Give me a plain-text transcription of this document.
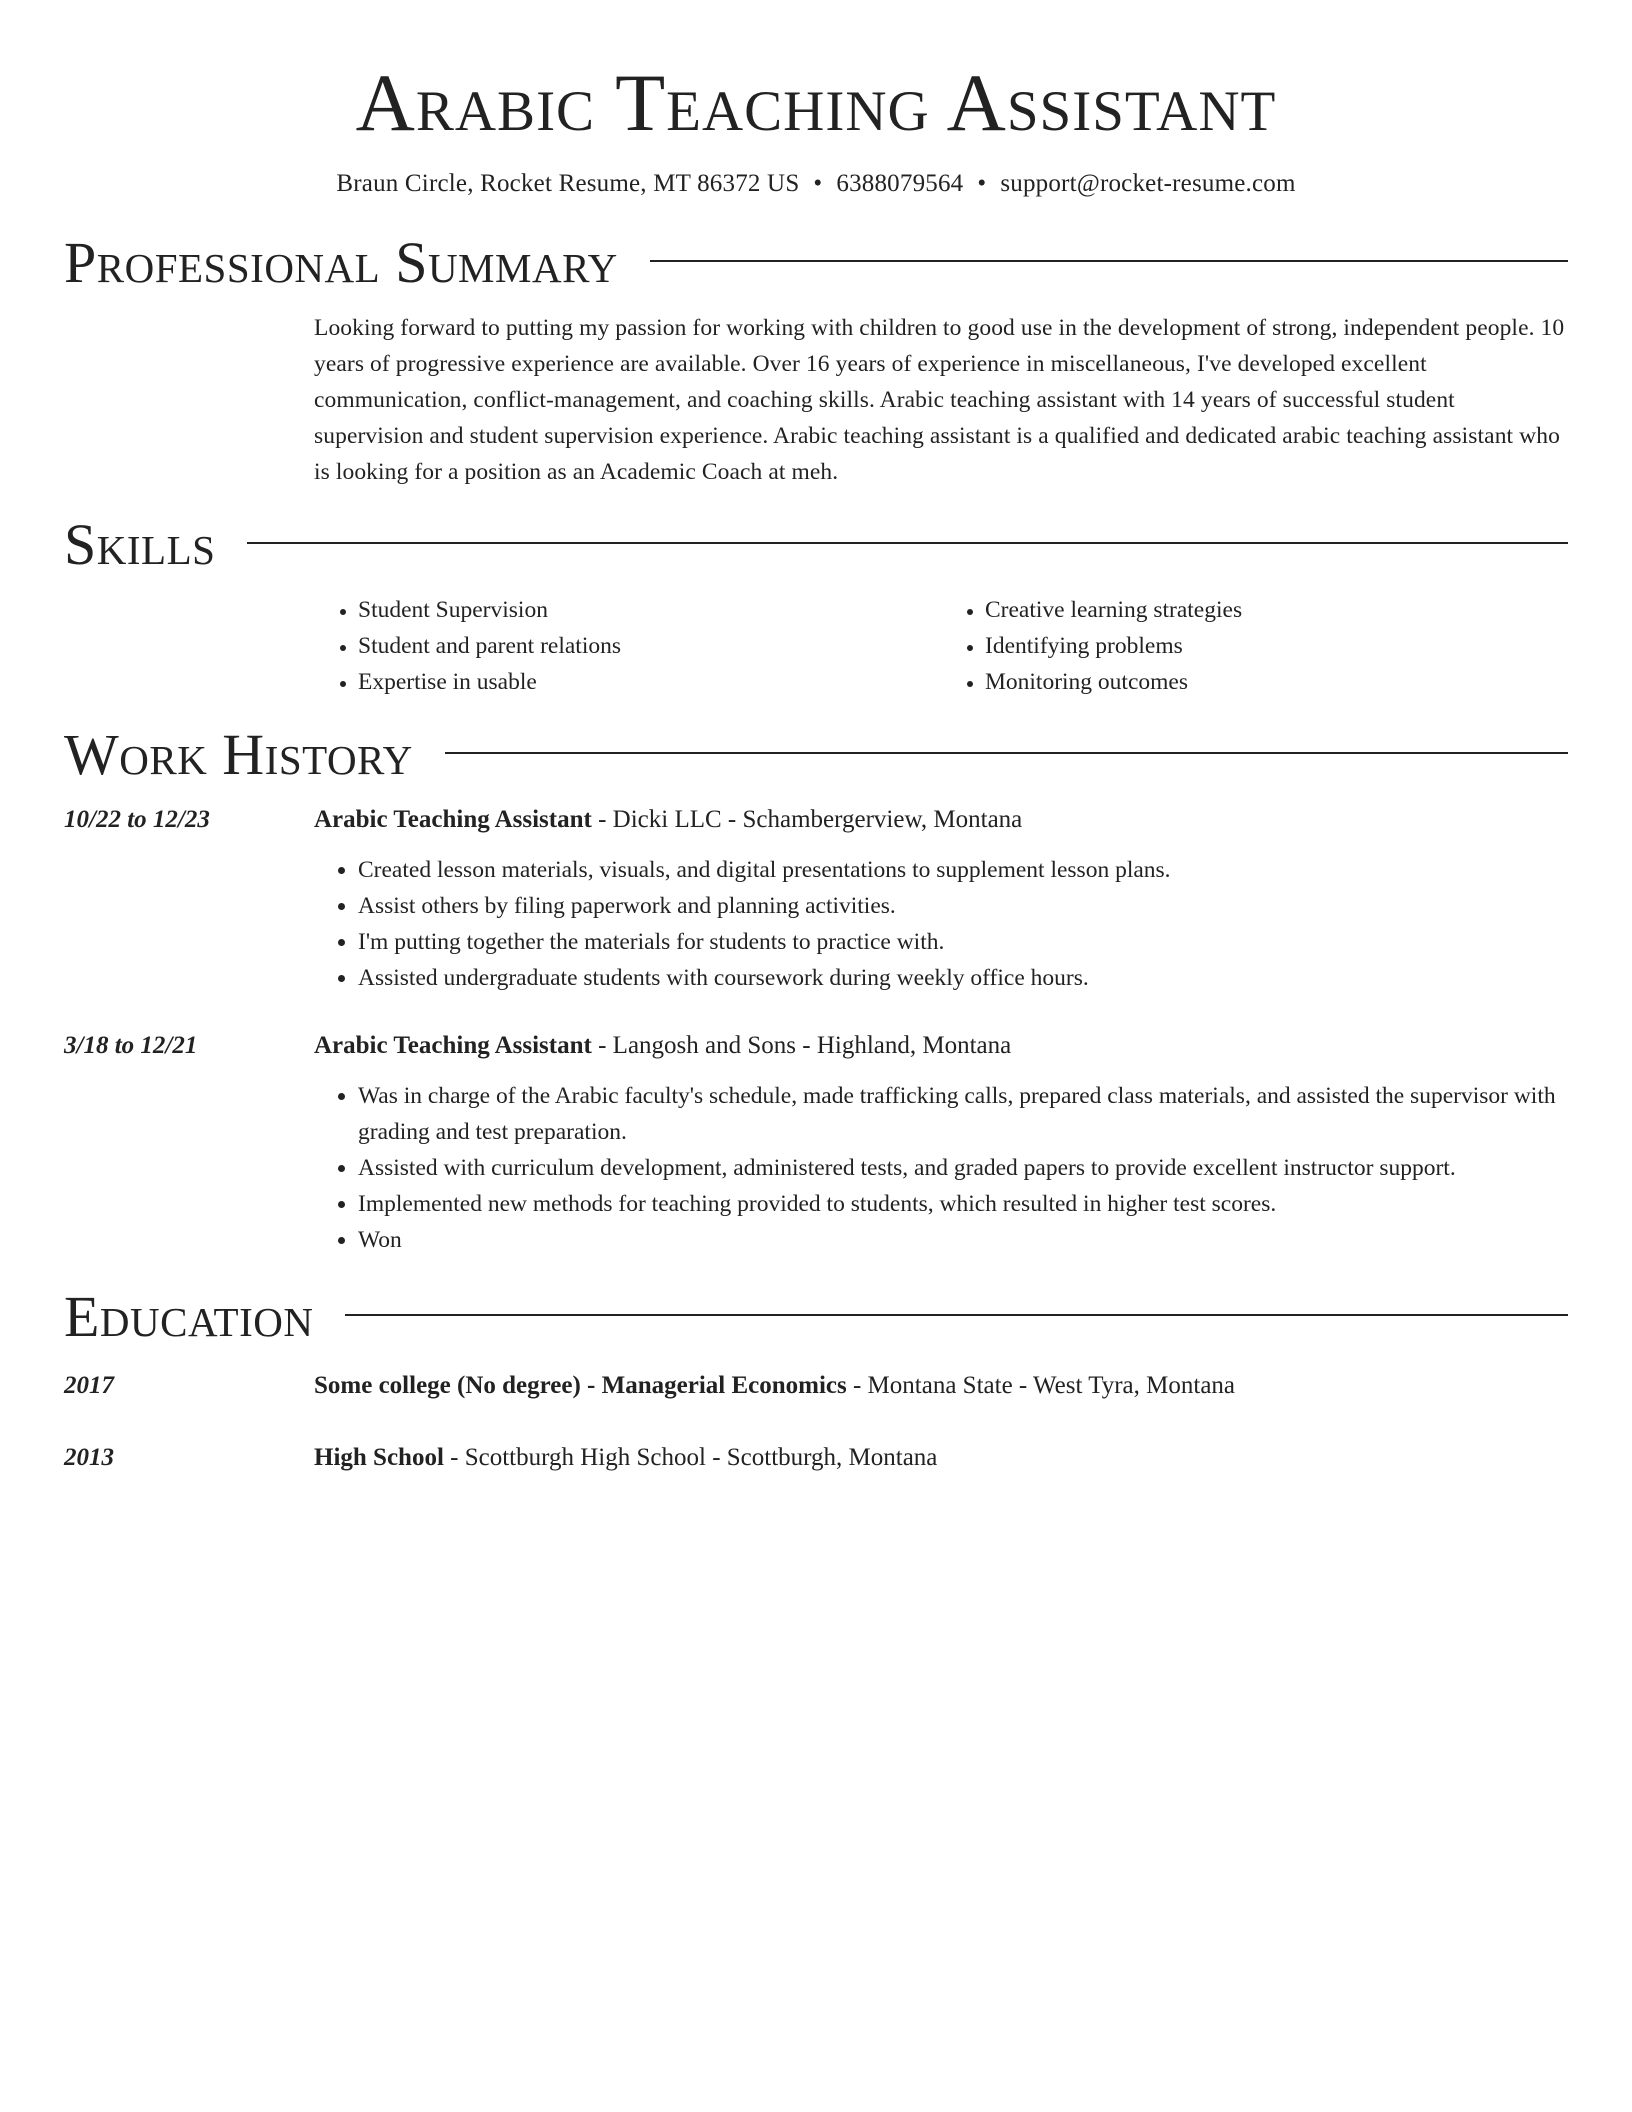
Arabic Teaching Assistant
Braun Circle, Rocket Resume, MT 86372 US • 6388079564 • support@rocket-resume.com
Professional Summary
Looking forward to putting my passion for working with children to good use in the development of strong, independent people. 10 years of progressive experience are available. Over 16 years of experience in miscellaneous, I've developed excellent communication, conflict-management, and coaching skills. Arabic teaching assistant with 14 years of successful student supervision and student supervision experience. Arabic teaching assistant is a qualified and dedicated arabic teaching assistant who is looking for a position as an Academic Coach at meh.
Skills
• Student Supervision
• Student and parent relations
• Expertise in usable
• Creative learning strategies
• Identifying problems
• Monitoring outcomes
Work History
10/22 to 12/23	Arabic Teaching Assistant - Dicki LLC - Schambergerview, Montana
• Created lesson materials, visuals, and digital presentations to supplement lesson plans.
• Assist others by filing paperwork and planning activities.
• I'm putting together the materials for students to practice with.
• Assisted undergraduate students with coursework during weekly office hours.
3/18 to 12/21	Arabic Teaching Assistant - Langosh and Sons - Highland, Montana
• Was in charge of the Arabic faculty's schedule, made trafficking calls, prepared class materials, and assisted the supervisor with grading and test preparation.
• Assisted with curriculum development, administered tests, and graded papers to provide excellent instructor support.
• Implemented new methods for teaching provided to students, which resulted in higher test scores.
• Won
Education
2017	Some college (No degree) - Managerial Economics - Montana State - West Tyra, Montana
2013	High School - Scottburgh High School - Scottburgh, Montana
